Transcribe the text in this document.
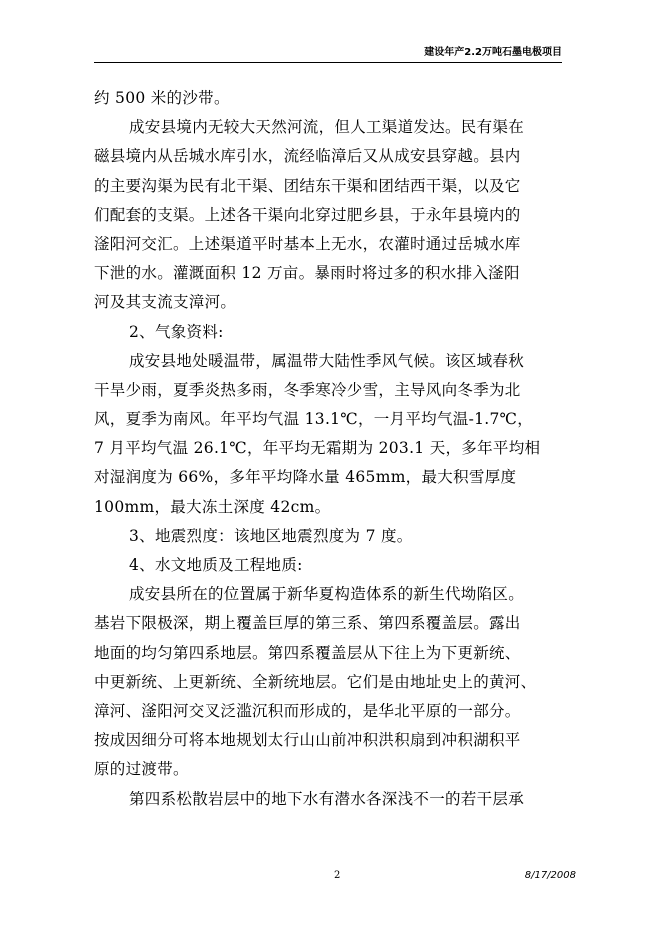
建设年产2.2万吨石墨电极项目
约 500 米的沙带。
成安县境内无较大天然河流，但人工渠道发达。民有渠在
磁县境内从岳城水库引水，流经临漳后又从成安县穿越。县内
的主要沟渠为民有北干渠、团结东干渠和团结西干渠，以及它
们配套的支渠。上述各干渠向北穿过肥乡县，于永年县境内的
滏阳河交汇。上述渠道平时基本上无水，农灌时通过岳城水库
下泄的水。灌溉面积 12 万亩。暴雨时将过多的积水排入滏阳
河及其支流支漳河。
2、气象资料:
成安县地处暖温带，属温带大陆性季风气候。该区域春秋
干旱少雨，夏季炎热多雨，冬季寒冷少雪，主导风向冬季为北
风，夏季为南风。年平均气温 13.1℃，一月平均气温-1.7℃，
7 月平均气温 26.1℃，年平均无霜期为 203.1 天，多年平均相
对湿润度为 66%，多年平均降水量 465mm，最大积雪厚度
100mm，最大冻土深度 42cm。
3、地震烈度：该地区地震烈度为 7 度。
4、水文地质及工程地质:
成安县所在的位置属于新华夏构造体系的新生代坳陷区。
基岩下限极深，期上覆盖巨厚的第三系、第四系覆盖层。露出
地面的均匀第四系地层。第四系覆盖层从下往上为下更新统、
中更新统、上更新统、全新统地层。它们是由地址史上的黄河、
漳河、滏阳河交叉泛滥沉积而形成的，是华北平原的一部分。
按成因细分可将本地规划太行山山前冲积洪积扇到冲积湖积平
原的过渡带。
第四系松散岩层中的地下水有潜水各深浅不一的若干层承
2	8/17/2008
